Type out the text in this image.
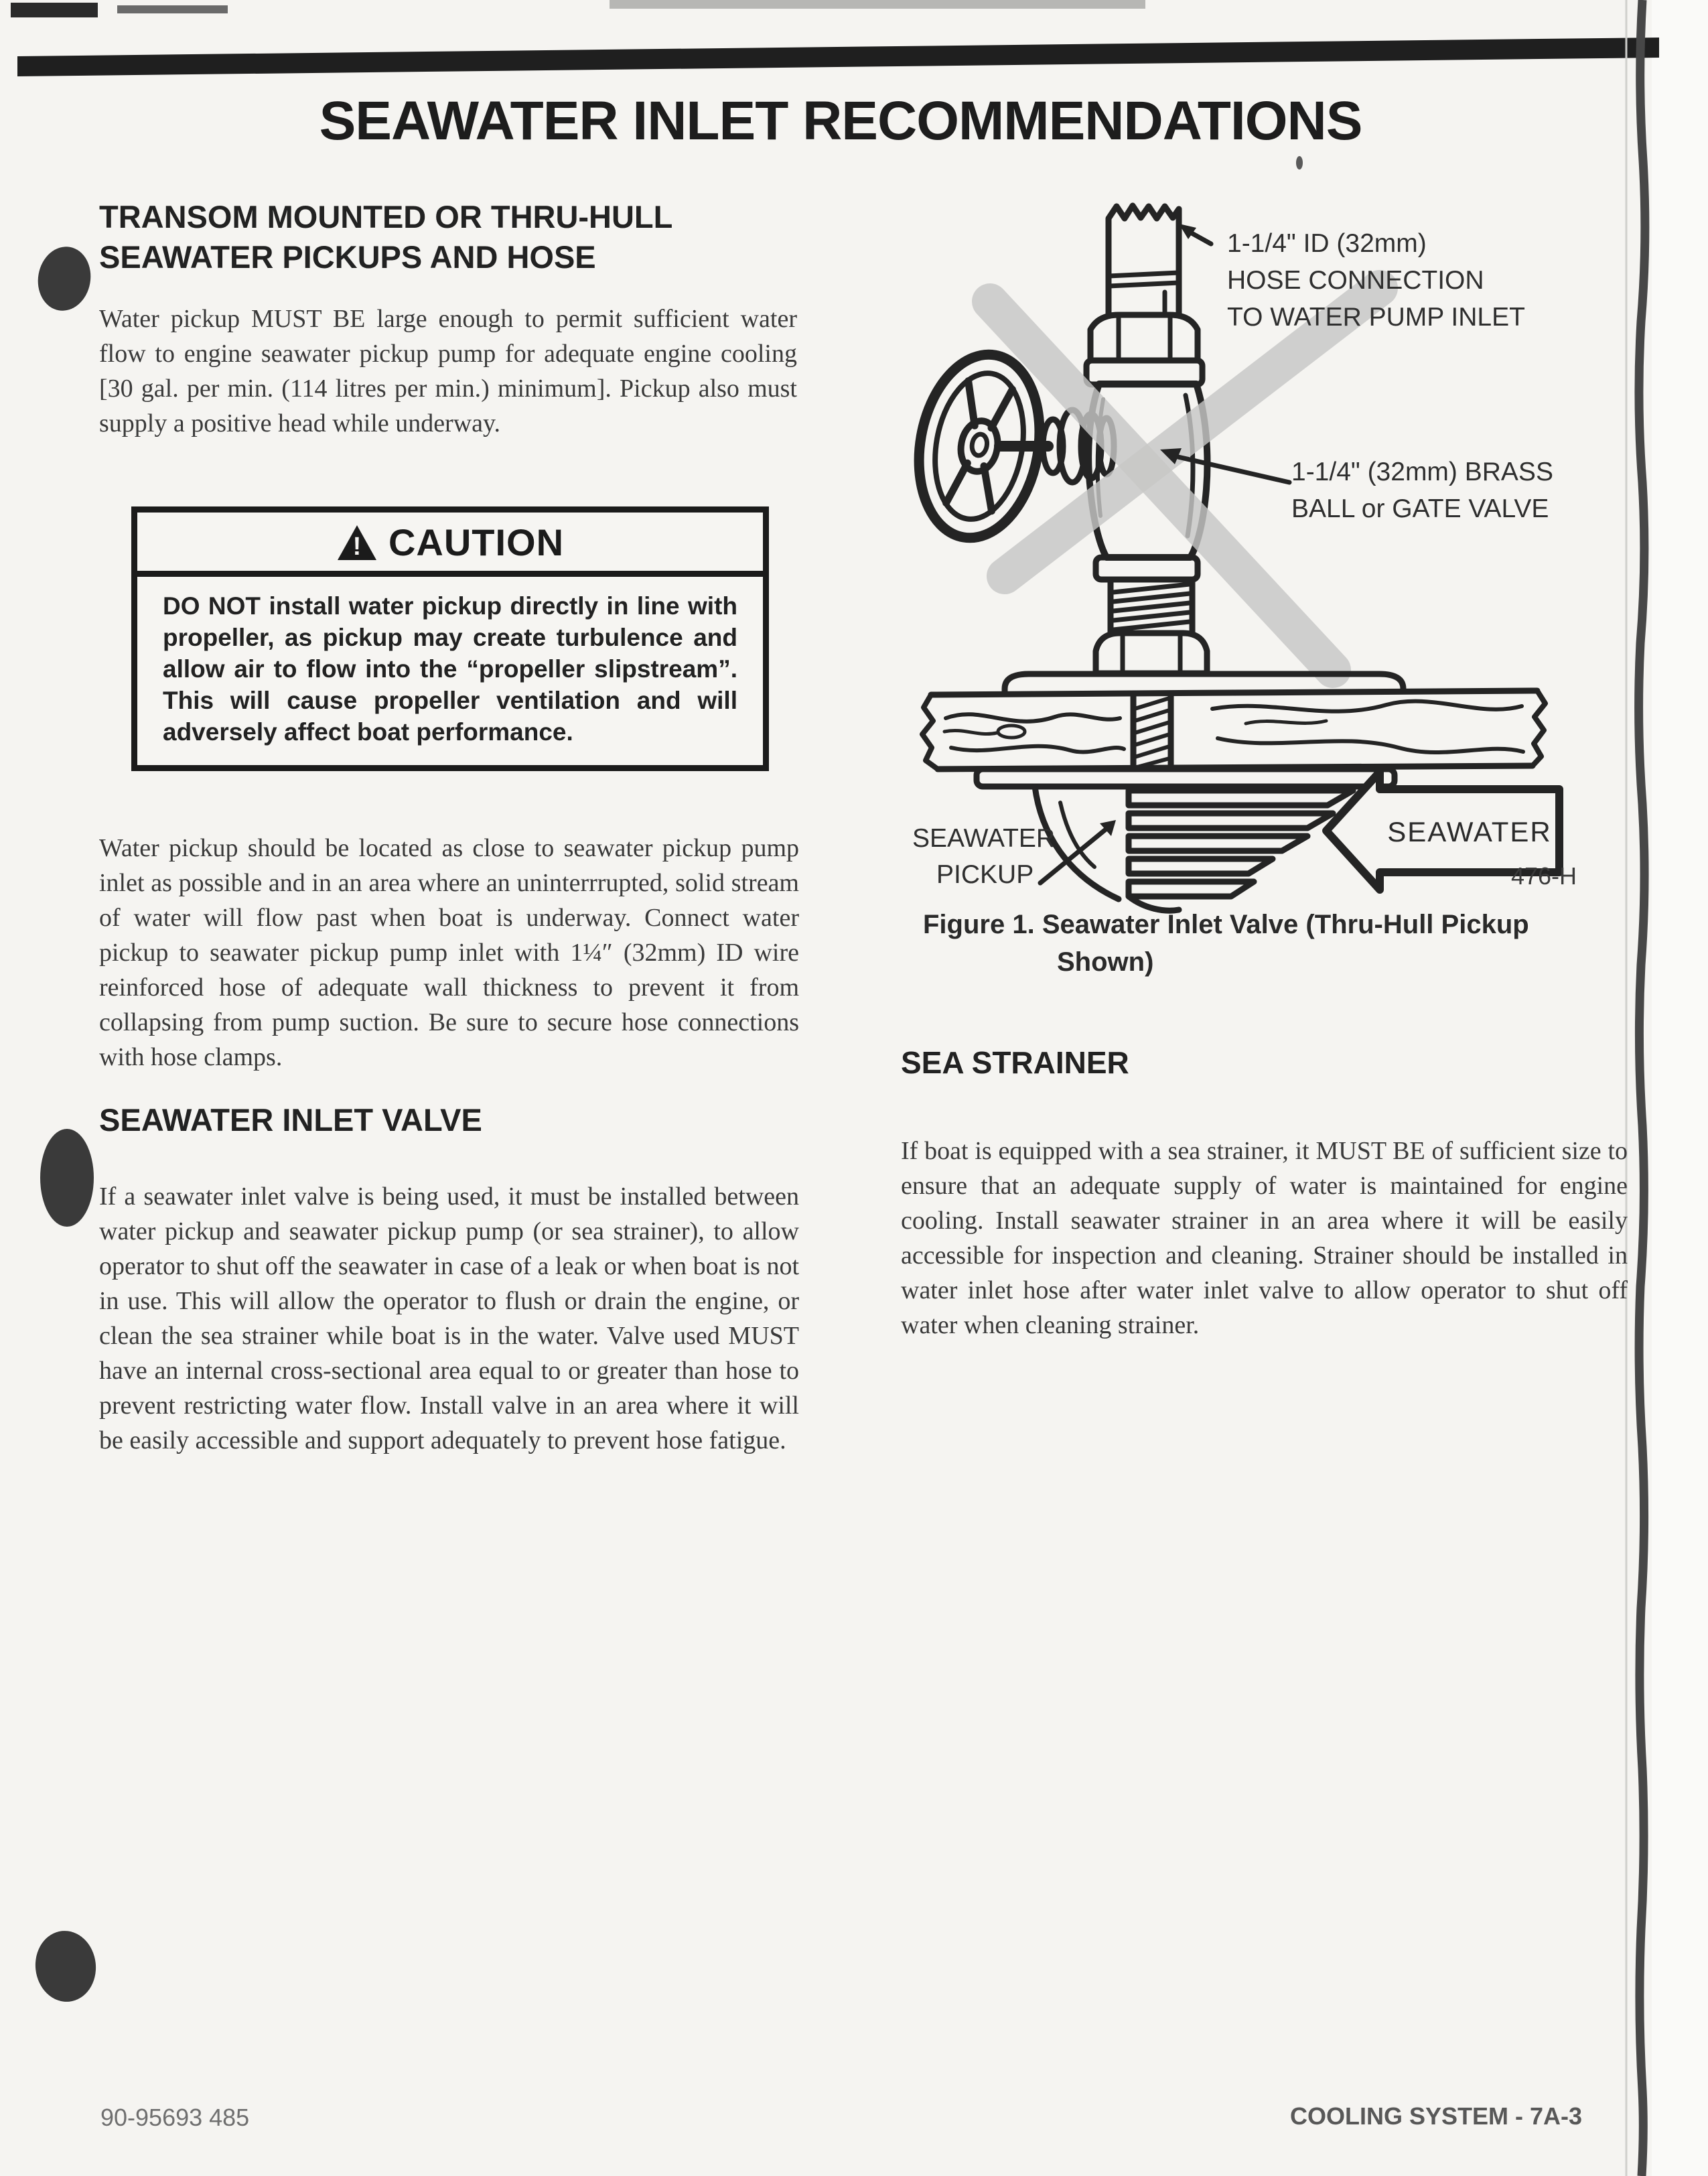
SEAWATER INLET RECOMMENDATIONS
TRANSOM MOUNTED OR THRU-HULL
SEAWATER PICKUPS AND HOSE
Water pickup MUST BE large enough to permit sufficient water flow to engine seawater pickup pump for adequate engine cooling [30 gal. per min. (114 litres per min.) minimum]. Pickup also must supply a positive head while underway.
! CAUTION
DO NOT install water pickup directly in line with propeller, as pickup may create turbulence and allow air to flow into the “propeller slipstream”. This will cause propeller ventilation and will adversely affect boat performance.
Water pickup should be located as close to seawater pickup pump inlet as possible and in an area where an uninterrrupted, solid stream of water will flow past when boat is underway. Connect water pickup to seawater pickup pump inlet with 1¼″ (32mm) ID wire reinforced hose of adequate wall thickness to prevent it from collapsing from pump suction. Be sure to secure hose connections with hose clamps.
SEAWATER INLET VALVE
If a seawater inlet valve is being used, it must be installed between water pickup and seawater pickup pump (or sea strainer), to allow operator to shut off the seawater in case of a leak or when boat is not in use. This will allow the operator to flush or drain the engine, or clean the sea strainer while boat is in the water. Valve used MUST have an internal cross-sectional area equal to or greater than hose to prevent restricting water flow. Install valve in an area where it will be easily accessible and support adequately to prevent hose fatigue.
SEAWATER
1-1/4" ID (32mm)
HOSE CONNECTION
TO WATER PUMP INLET
1-1/4" (32mm) BRASS
BALL or GATE VALVE
SEAWATER
PICKUP	476-H
Figure 1. Seawater Inlet Valve (Thru-Hull Pickup
Shown)
SEA STRAINER
If boat is equipped with a sea strainer, it MUST BE of sufficient size to ensure that an adequate supply of water is maintained for engine cooling. Install seawater strainer in an area where it will be easily accessible for inspection and cleaning. Strainer should be installed in water inlet hose after water inlet valve to allow operator to shut off water when cleaning strainer.
90-95693 485	COOLING SYSTEM - 7A-3
